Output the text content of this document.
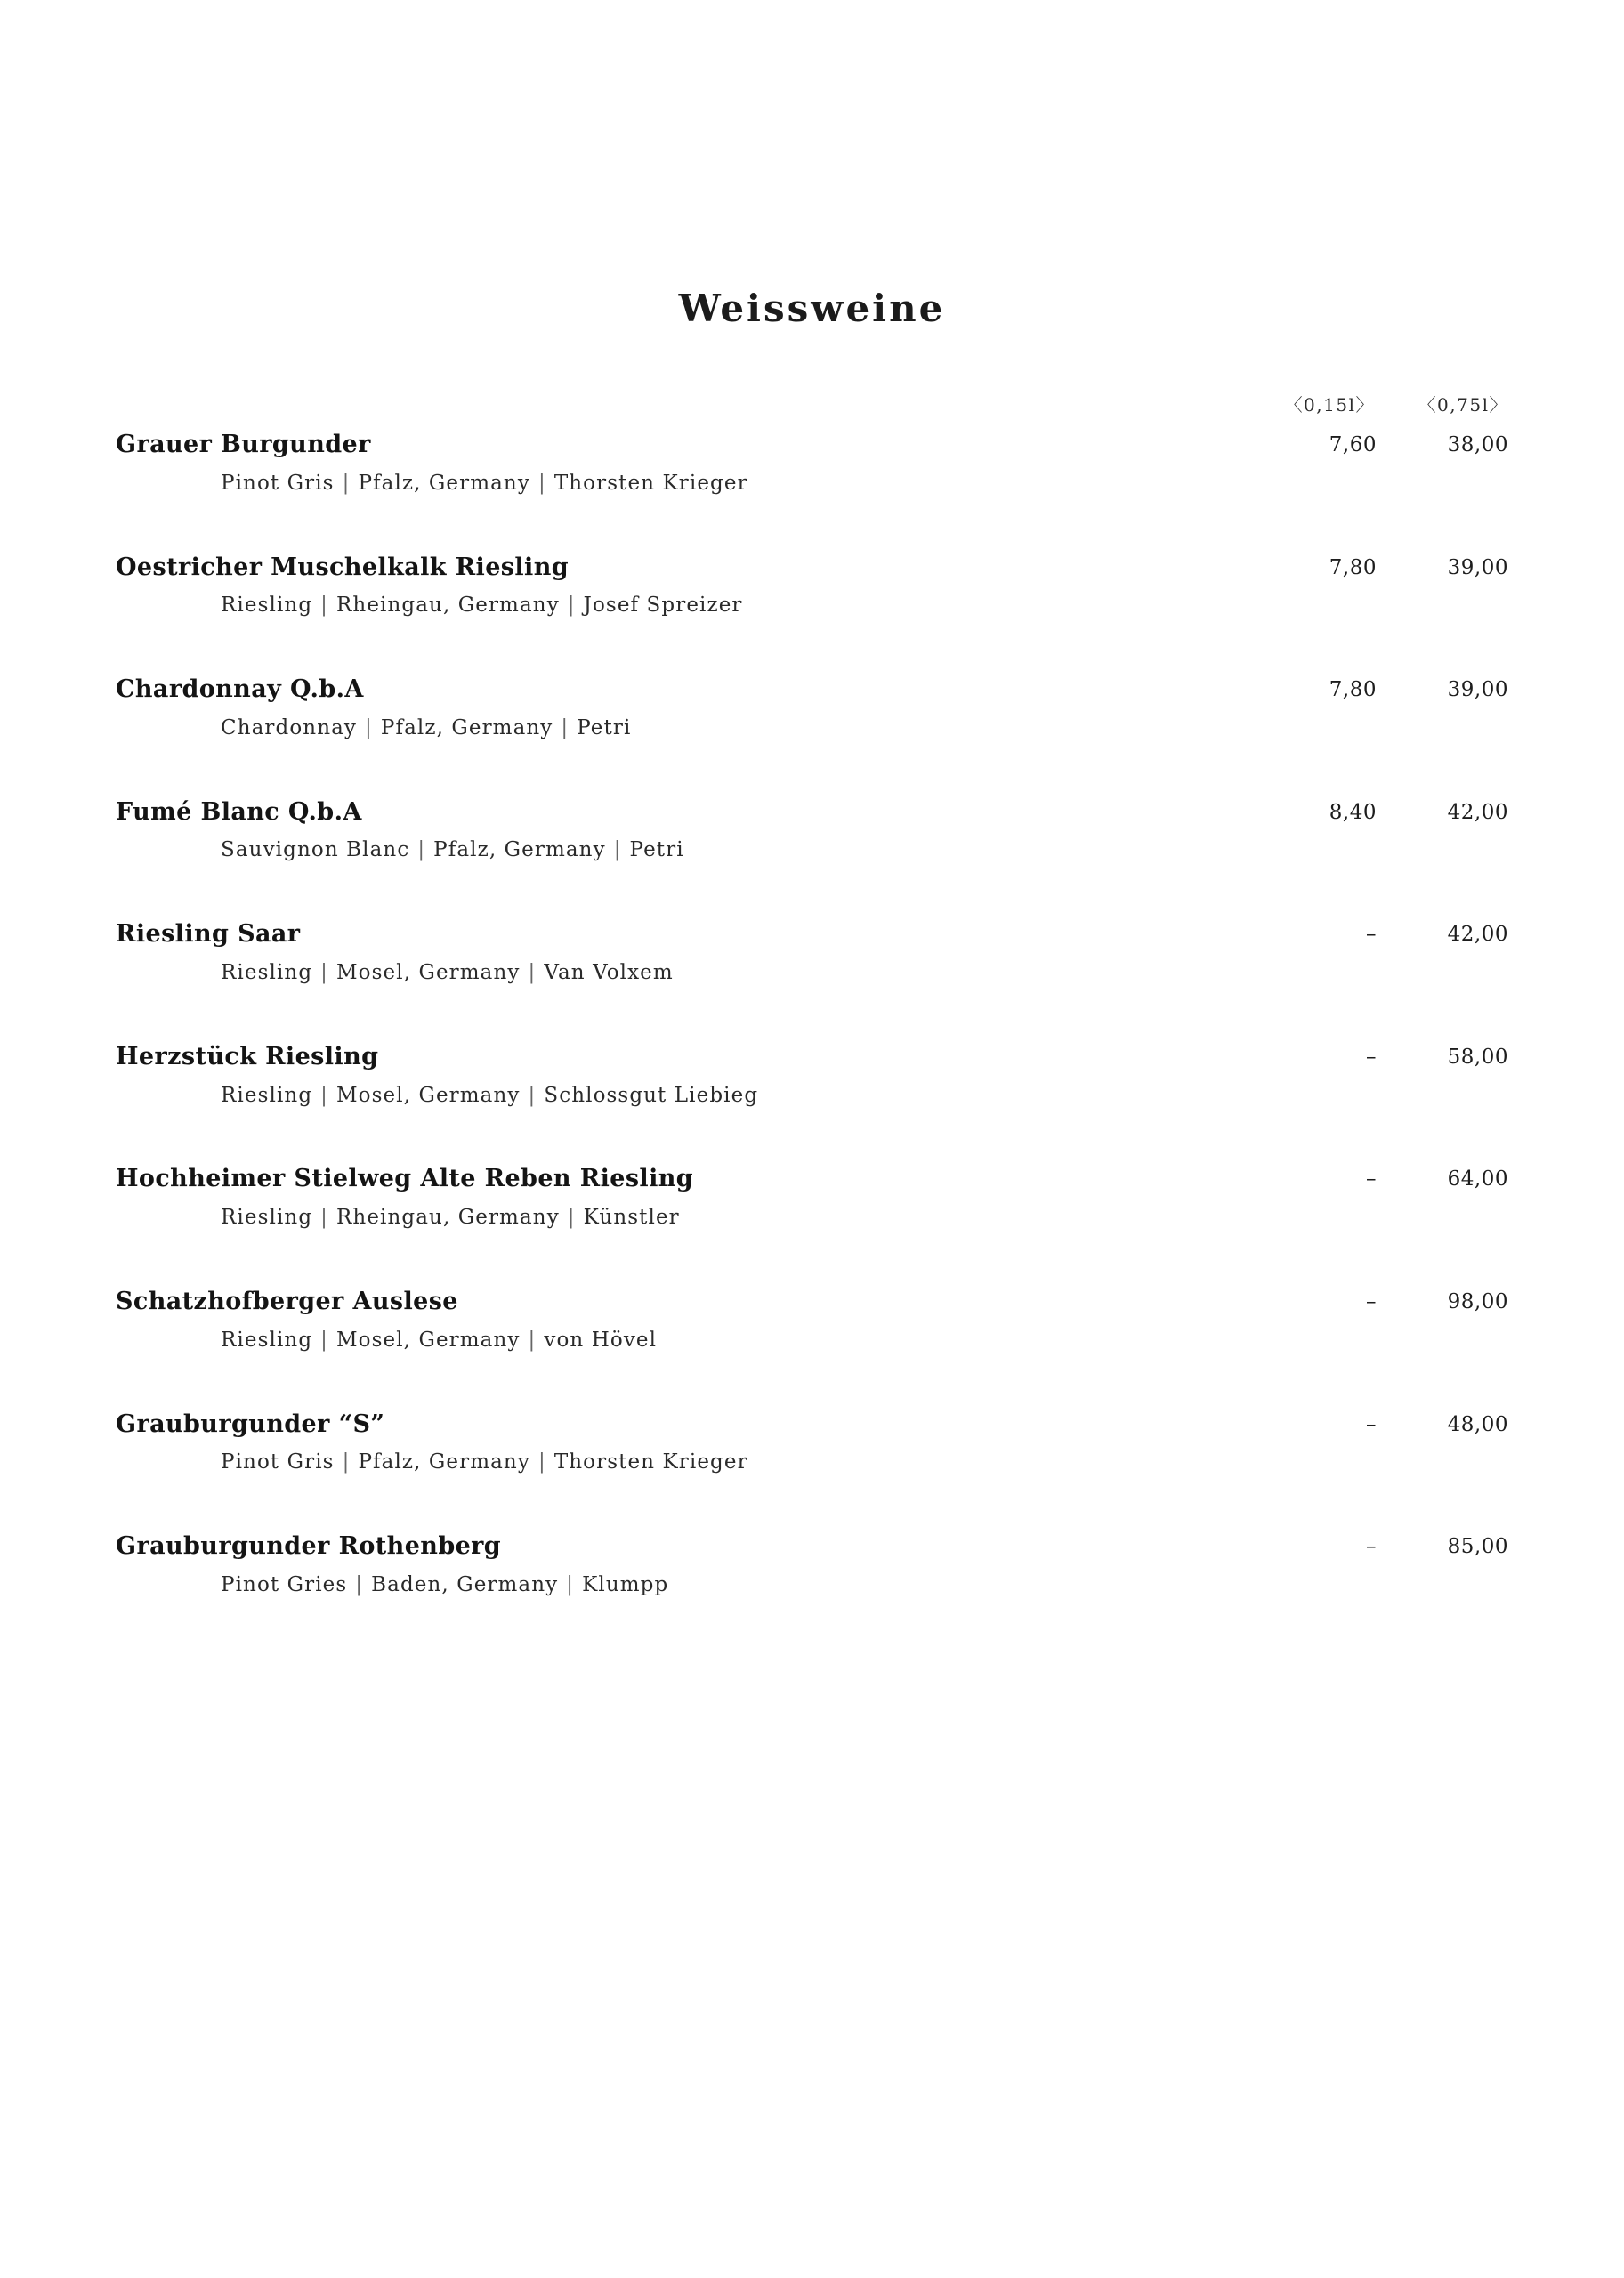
Weissweine
〈0,15l〉 〈0,75l〉
Grauer Burgunder	7,60	38,00
Pinot Gris | Pfalz, Germany | Thorsten Krieger
Oestricher Muschelkalk Riesling	7,80	39,00
Riesling | Rheingau, Germany | Josef Spreizer
Chardonnay Q.b.A	7,80	39,00
Chardonnay | Pfalz, Germany | Petri
Fumé Blanc Q.b.A	8,40	42,00
Sauvignon Blanc | Pfalz, Germany | Petri
Riesling Saar	–	42,00
Riesling | Mosel, Germany | Van Volxem
Herzstück Riesling	–	58,00
Riesling | Mosel, Germany | Schlossgut Liebieg
Hochheimer Stielweg Alte Reben Riesling	–	64,00
Riesling | Rheingau, Germany | Künstler
Schatzhofberger Auslese	–	98,00
Riesling | Mosel, Germany | von Hövel
Grauburgunder “S”	–	48,00
Pinot Gris | Pfalz, Germany | Thorsten Krieger
Grauburgunder Rothenberg	–	85,00
Pinot Gries | Baden, Germany | Klumpp
